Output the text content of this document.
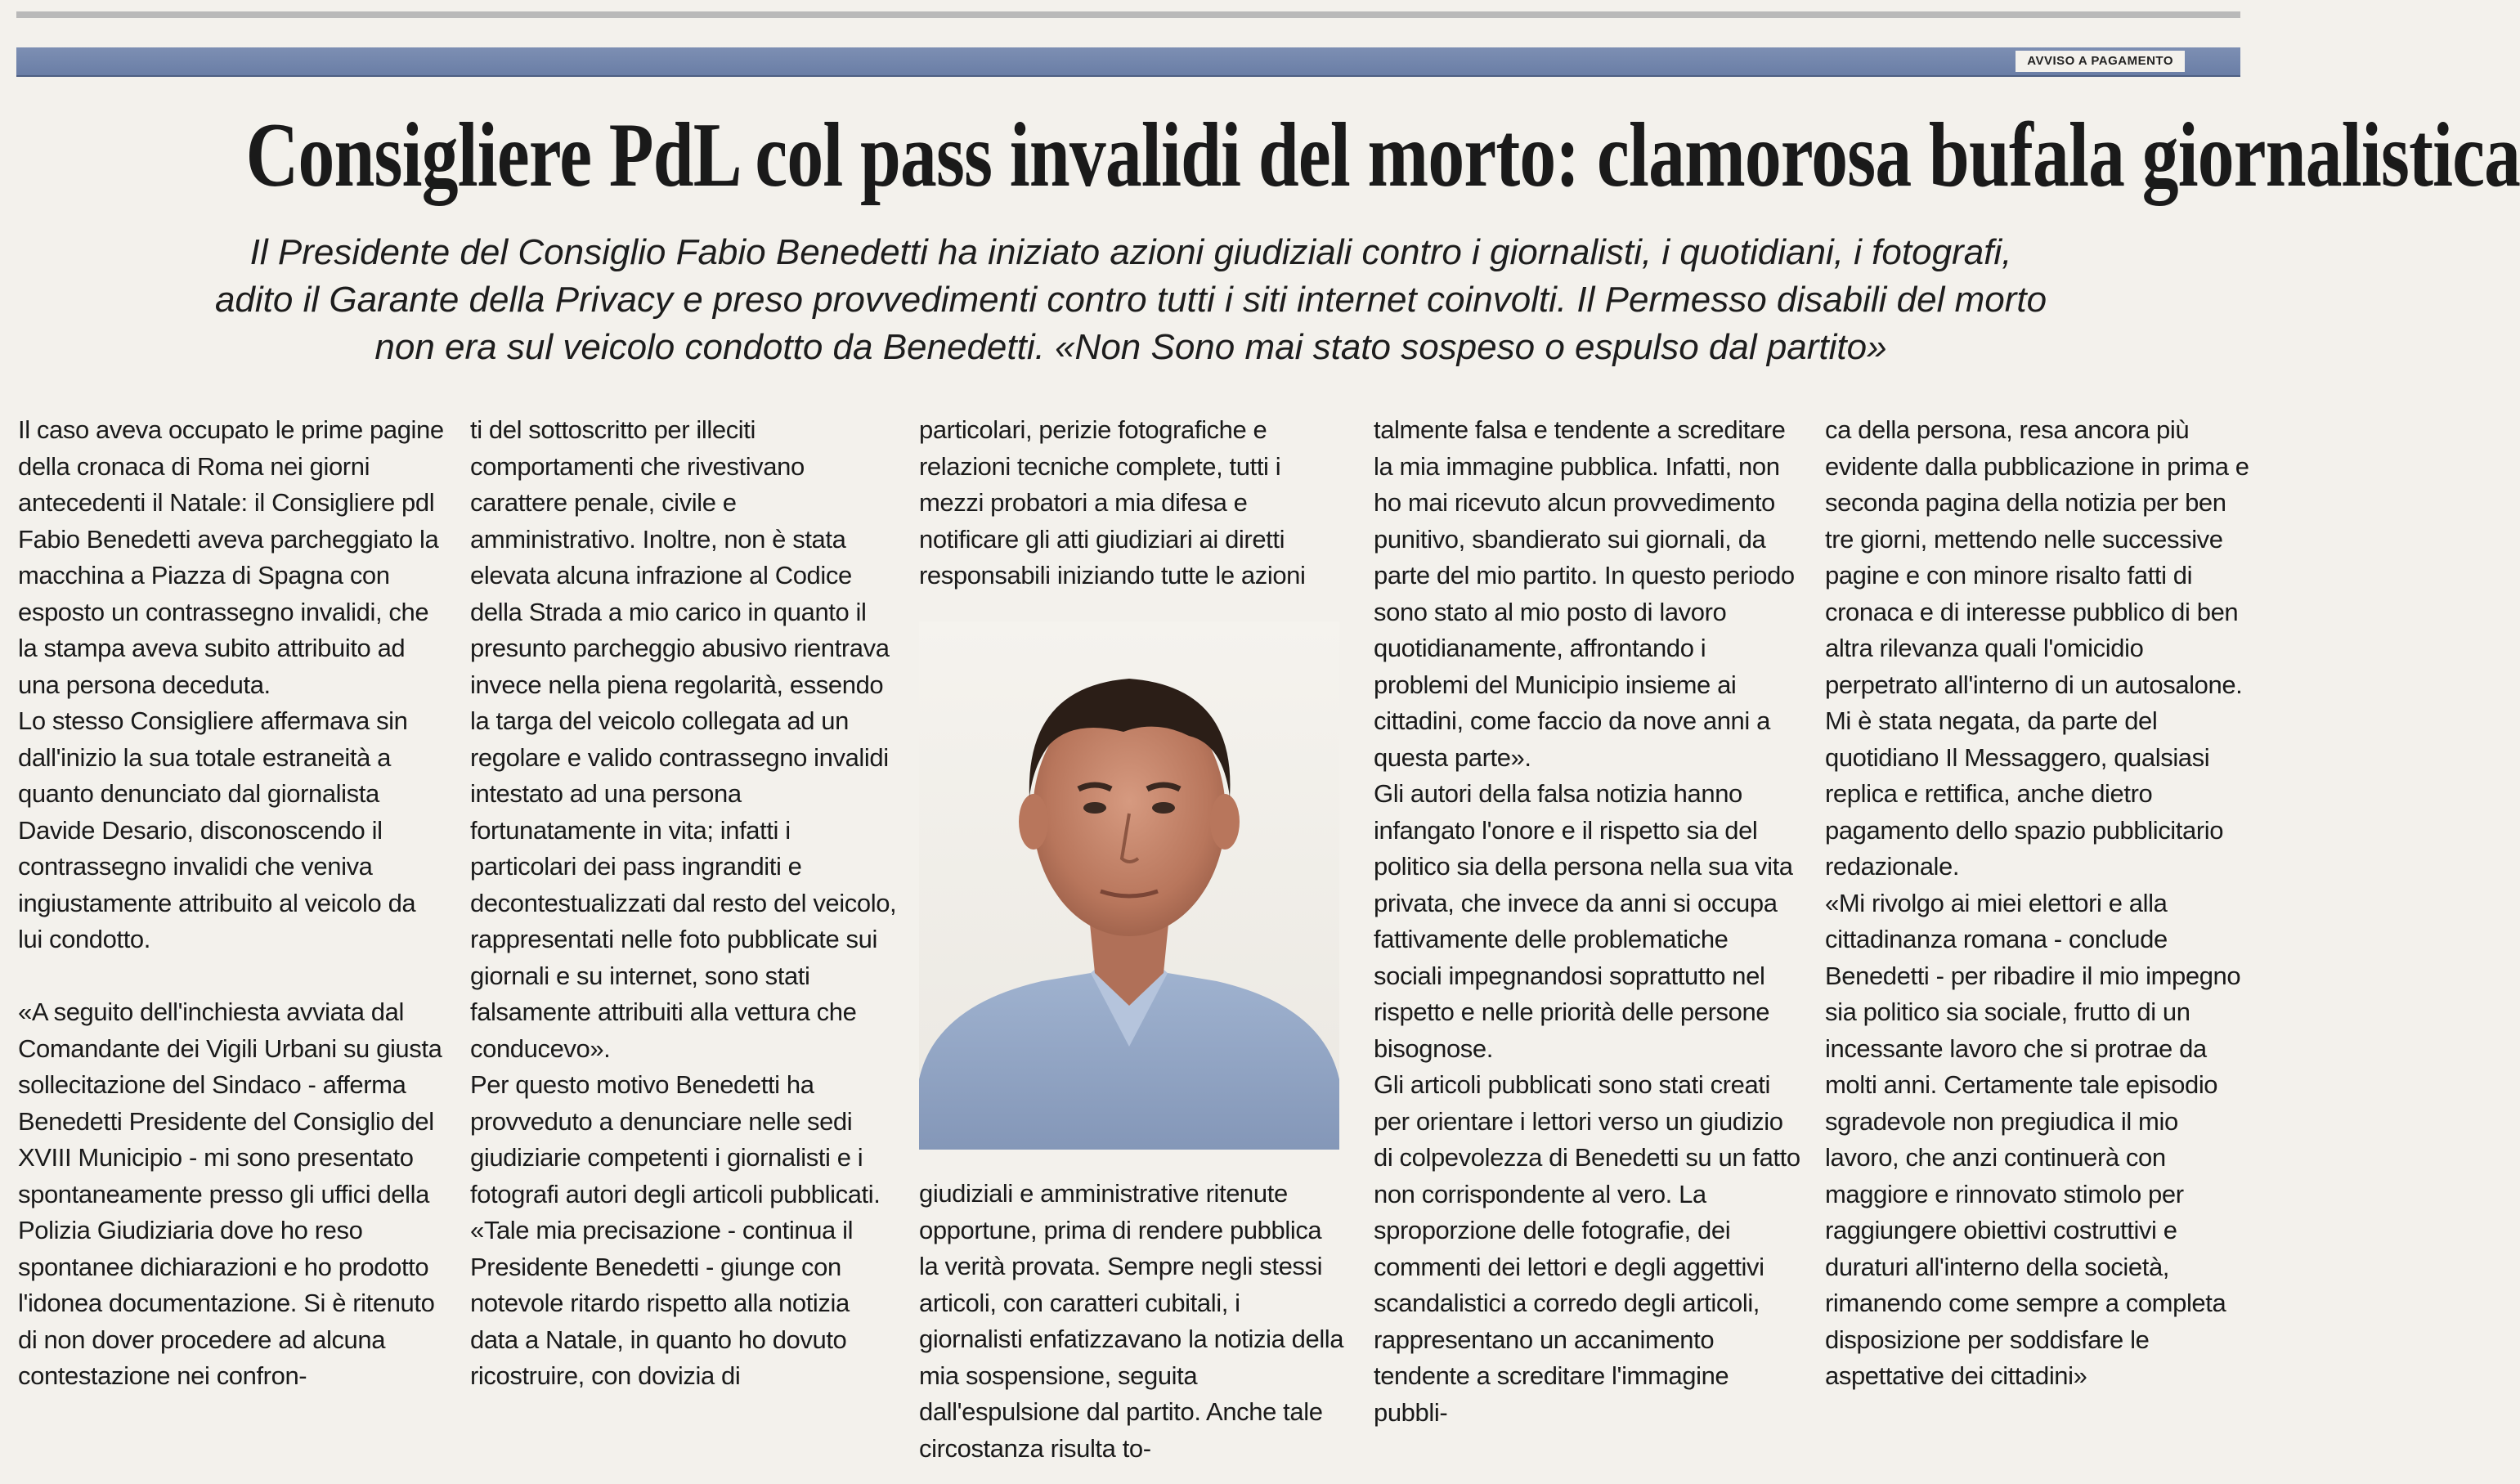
AVVISO A PAGAMENTO
Consigliere PdL col pass invalidi del morto: clamorosa bufala giornalistica
Il Presidente del Consiglio Fabio Benedetti ha iniziato azioni giudiziali contro i giornalisti, i quotidiani, i fotografi,
adito il Garante della Privacy e preso provvedimenti contro tutti i siti internet coinvolti. Il Permesso disabili del morto
non era sul veicolo condotto da Benedetti. «Non Sono mai stato sospeso o espulso dal partito»

Il caso aveva occupato le prime pagine della cronaca di Roma nei giorni antecedenti il Natale: il Consigliere pdl Fabio Benedetti aveva parcheggiato la macchina a Piazza di Spagna con esposto un contrassegno invalidi, che la stampa aveva subito attribuito ad una persona deceduta.

Lo stesso Consigliere affermava sin dall'inizio la sua totale estraneità a quanto denunciato dal giornalista Davide Desario, disconoscendo il contrassegno invalidi che veniva ingiustamente attribuito al veicolo da lui condotto.

«A seguito dell'inchiesta avviata dal Comandante dei Vigili Urbani su giusta sollecitazione del Sindaco - afferma Benedetti Presidente del Consiglio del XVIII Municipio - mi sono presentato spontaneamente presso gli uffici della Polizia Giudiziaria dove ho reso spontanee dichiarazioni e ho prodotto l'idonea documentazione. Si è ritenuto di non dover procedere ad alcuna contestazione nei confron-

ti del sottoscritto per illeciti comportamenti che rivestivano carattere penale, civile e amministrativo. Inoltre, non è stata elevata alcuna infrazione al Codice della Strada a mio carico in quanto il presunto parcheggio abusivo rientrava invece nella piena regolarità, essendo la targa del veicolo collegata ad un regolare e valido contrassegno invalidi intestato ad una persona fortunatamente in vita; infatti i particolari dei pass ingranditi e decontestualizzati dal resto del veicolo, rappresentati nelle foto pubblicate sui giornali e su internet, sono stati falsamente attribuiti alla vettura che conducevo».

Per questo motivo Benedetti ha provveduto a denunciare nelle sedi giudiziarie competenti i giornalisti e i fotografi autori degli articoli pubblicati.

«Tale mia precisazione - continua il Presidente Benedetti - giunge con notevole ritardo rispetto alla notizia data a Natale, in quanto ho dovuto ricostruire, con dovizia di

particolari, perizie fotografiche e relazioni tecniche complete, tutti i mezzi probatori a mia difesa e notificare gli atti giudiziari ai diretti responsabili iniziando tutte le azioni

giudiziali e amministrative ritenute opportune, prima di rendere pubblica la verità provata. Sempre negli stessi articoli, con caratteri cubitali, i giornalisti enfatizzavano la notizia della mia sospensione, seguita dall'espulsione dal partito. Anche tale circostanza risulta to-

talmente falsa e tendente a screditare la mia immagine pubblica. Infatti, non ho mai ricevuto alcun provvedimento punitivo, sbandierato sui giornali, da parte del mio partito. In questo periodo sono stato al mio posto di lavoro quotidianamente, affrontando i problemi del Municipio insieme ai cittadini, come faccio da nove anni a questa parte».

Gli autori della falsa notizia hanno infangato l'onore e il rispetto sia del politico sia della persona nella sua vita privata, che invece da anni si occupa fattivamente delle problematiche sociali impegnandosi soprattutto nel rispetto e nelle priorità delle persone bisognose.

Gli articoli pubblicati sono stati creati per orientare i lettori verso un giudizio di colpevolezza di Benedetti su un fatto non corrispondente al vero. La sproporzione delle fotografie, dei commenti dei lettori e degli aggettivi scandalistici a corredo degli articoli, rappresentano un accanimento tendente a screditare l'immagine pubbli-

ca della persona, resa ancora più evidente dalla pubblicazione in prima e seconda pagina della notizia per ben tre giorni, mettendo nelle successive pagine e con minore risalto fatti di cronaca e di interesse pubblico di ben altra rilevanza quali l'omicidio perpetrato all'interno di un autosalone. Mi è stata negata, da parte del quotidiano Il Messaggero, qualsiasi replica e rettifica, anche dietro pagamento dello spazio pubblicitario redazionale.

«Mi rivolgo ai miei elettori e alla cittadinanza romana - conclude Benedetti - per ribadire il mio impegno sia politico sia sociale, frutto di un incessante lavoro che si protrae da molti anni. Certamente tale episodio sgradevole non pregiudica il mio lavoro, che anzi continuerà con maggiore e rinnovato stimolo per raggiungere obiettivi costruttivi e duraturi all'interno della società, rimanendo come sempre a completa disposizione per soddisfare le aspettative dei cittadini»
